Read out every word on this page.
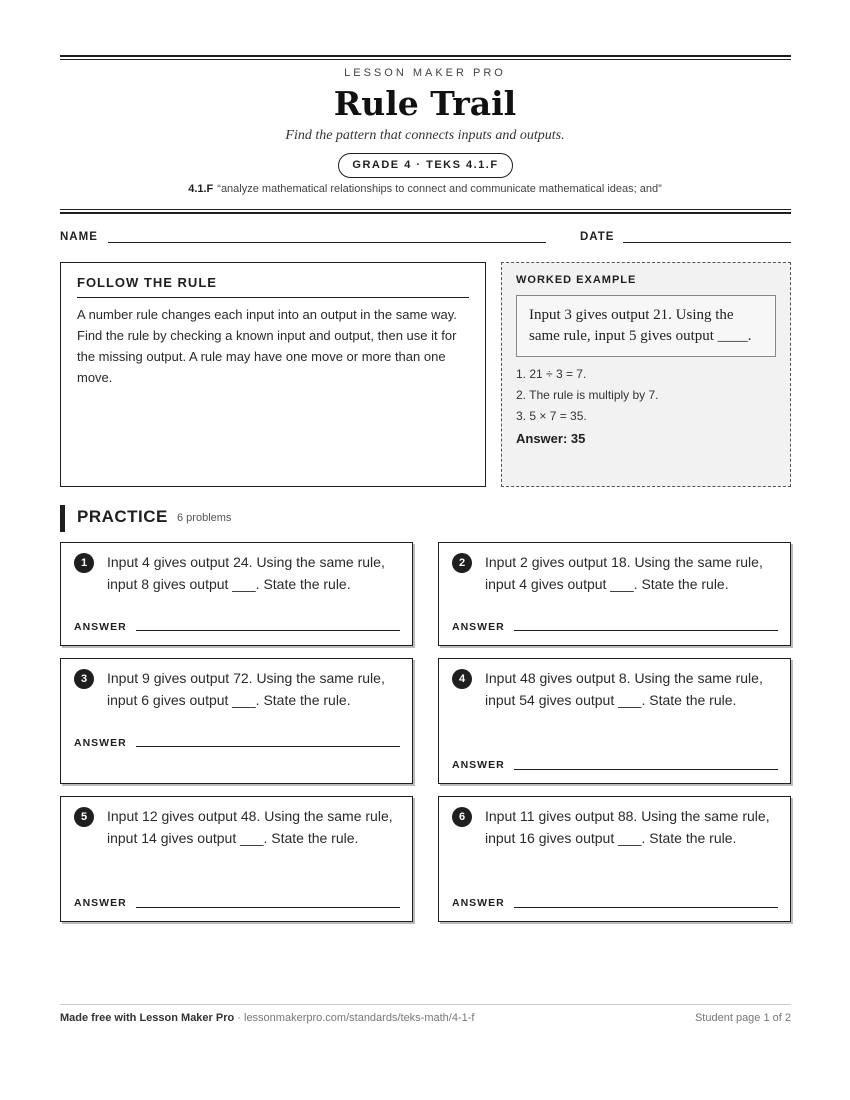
LESSON MAKER PRO
Rule Trail
Find the pattern that connects inputs and outputs.
GRADE 4 · TEKS 4.1.F
4.1.F “analyze mathematical relationships to connect and communicate mathematical ideas; and”
NAME	DATE
FOLLOW THE RULE
A number rule changes each input into an output in the same way. Find the rule by checking a known input and output, then use it for the missing output. A rule may have one move or more than one move.
WORKED EXAMPLE
Input 3 gives output 21. Using the same rule, input 5 gives output ____.
1. 21 ÷ 3 = 7.
2. The rule is multiply by 7.
3. 5 × 7 = 35.
Answer: 35
PRACTICE 6 problems
1	Input 4 gives output 24. Using the same rule, input 8 gives output ___. State the rule.
ANSWER
2	Input 2 gives output 18. Using the same rule, input 4 gives output ___. State the rule.
ANSWER
3	Input 9 gives output 72. Using the same rule, input 6 gives output ___. State the rule.
ANSWER
4	Input 48 gives output 8. Using the same rule, input 54 gives output ___. State the rule.
ANSWER
5	Input 12 gives output 48. Using the same rule, input 14 gives output ___. State the rule.
ANSWER
6	Input 11 gives output 88. Using the same rule, input 16 gives output ___. State the rule.
ANSWER
Made free with Lesson Maker Pro · lessonmakerpro.com/standards/teks-math/4-1-f	Student page 1 of 2
